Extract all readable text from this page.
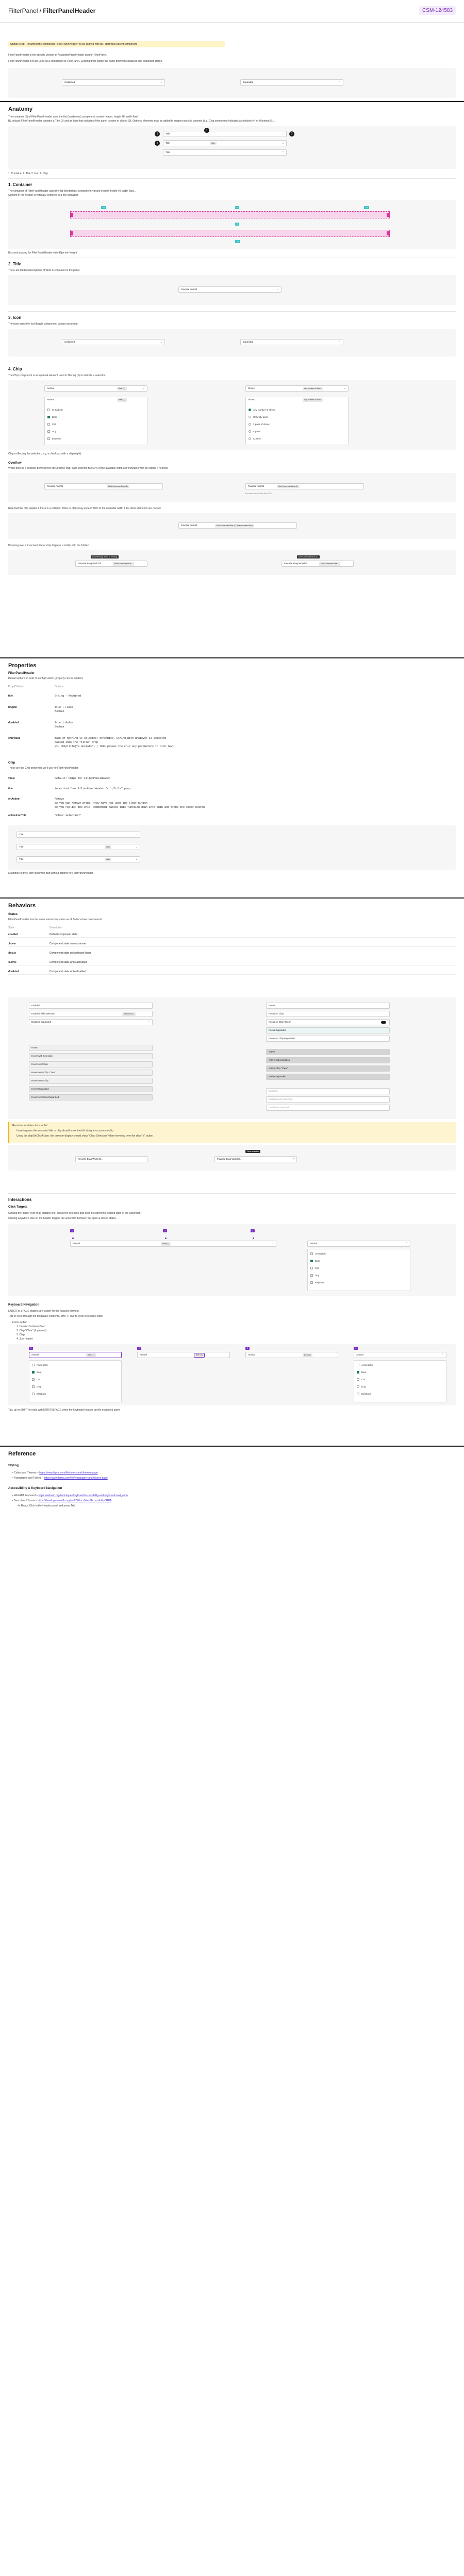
FilterPanel / FilterPanelHeader	CSM-124583
Update 5/28: Renaming the component "FilterPanelHeader" to be aligned with its FilterPanel parent component
FilterPanelHeader is the specific version of AccordionPanelHeader used in FilterPanel.
FilterPanelHeader is to be used as a component of FilterPanel. Clicking it will toggle the panel between collapsed and expanded states.
Collapsed	⌄	Expanded	⌃
Anatomy
The container (1) of FilterPanelHeader uses the flat (borderless) component, variant header, height 48, width fluid.
By default, FilterPanelHeader contains a Title (2) and an Icon that indicates if the panel is open or closed (3). Optional elements may be added to support specific contexts (e.g. Chip component indicates a selection (4) or Warning (5))...
Title	⌄
Title	Chip	⌄
Title	⌃
1
2
3
4
1. Container 2. Title 3. Icon 4. Chip
1. Container
The container of FilterPanelHeader uses the flat (borderless) component, variant header, height 48, width fluid...
Content in the header is vertically centered in a flex container.
16	8	16
8
16
Box and spacing for FilterPanelHeader with 48px min-height
2. Title
There are limited descriptions of what is contained in the panel.
Favorite Animal	⌄
3. Icon
The icons uses the IconToggle component, variant accordion.
Collapsed	⌄	Expanded	⌃
4. Chip
The Chip component is an optional element used in filtering (1) to indicate a selection.
Animal	Bear (1)	⌄	Shoes	Any number of shoes	⌄
Animal	Bear (1)
Is it a bear
Bear
Cat
Dog
Elephant
Shoes	Any number of shoes
Any number of shoes
Only fifty pairs
3 pairs of shoes
5 pairs
Custom
Chips reflecting the selection, e.g. a checkbox with a chip (right)
Overflow
When there is a collision between the title and the chip, each element fills 50% of the available width and truncates with an ellipsis if needed.
Favorite Animal	North American Bear (1)	Favorite Animal	North American Bear (1)
Favorite Animal title fills 50%
Note that the chip applies if there is a collision. Titles or chips may exceed 50% of the available width if the other element's are narrow.
Favorite Animal	North American Bear (1) (long truncated text)
Hovering over a truncated title or chip displays a tooltip with the full text.
Favorite Brag World Sl Shining	North American Bear (1)
Favorite Brag World Sl...	North American Bear...	Favorite Brag World Sl...	North American Bear...
Properties
FilterPanelHeader
Default options in bold. In config/custom, property can be omitted.
Prop/Children	Options
title	String - Required
isOpen	True | False
Boolean
disabled	True | False
Boolean
chipValue	mask of nothing is selected; otherwise, String with whatever is selected
passed into the "title" prop
ex. chipTitle("3 animals") | This passes the chip any parameters to pick Text
Chip
These are the Chip properties we'll use for FilterPanelHeader.
value	Default: Chips for FilterPanelHeader
title	inherited from FilterPanelHeader "chipTitle" prop
onAction	Remove
ex you can remove props, they have not used the clear button
ex you reclick the chip, component passes this function down into chip and drops the clear button
actionIconTitle	"Clear Selection"
Title	⌄
Title	Chip	⌄
Title	Chip	⌄
Examples of the FilterPanel with and without actions for FilterPanelHeader
Behaviors
States
FilterPanelHeader has the same interaction states as all Button-class components:
State	Description
enabled	Default component state
:hover	Component state on mouseover
:focus	Component state on keyboard focus
:active	Component state while activated
disabled	Component state while disabled
Enabled	⌄
Enabled with Selection	Selection (1)
Enabled Expanded	⌃
Hover
Hover with Selection
Hover over Icon
Hover over Chip "Clear"
Hover over Chip
Hover Expanded
Hover over Icon Expanded
Focus
Focus on Chip
Focus on Chip "Clear"
Focus Expanded
Focus on Chip Expanded
Active
Active with Selection
Active Chip "Clear"
Active Expanded
Disabled
Disabled with Selection
Disabled Expanded
Reminder of states from toolkit:
Hovering over the truncated title or chip should show the full string in a custom tooltip
Using the chipOnClickAction, the browser display should show "Clear Selection" when hovering over the clear "x" action.
Favorite Brag World Sl...
Clear selection
Favorite Brag World Sl...	×
Interactions
Click Targets
Clicking the "base" (not of all editable link) clears the selection and does not affect the toggled state of the accordion.
Clicking anywhere else on the header toggles the accordion between the open & closed states.
1	2	3
Animal	Bear (1)	⌄	Animal	⌃
Anim(able)
Bear
Cat
Dog
Elephant
Keyboard Navigation
ENTER or SPACE triggers any action for the focused element.
TAB to cycle through the focusable elements. SHIFT+TAB to cycle in reverse order.
Focus order:
1. Header Container/Icon
2. Chip "Clear" (if present)
3. Chip
4. Just header
1	2	3	4
Animal	Bear (1)	Animal	Bear (1)	Animal	Bear (1)	Animal	⌃
Anim(able)
Bear
Cat
Dog
Elephant
Anim(able)
Bear
Cat
Dog
Elephant
Tab, up or SHIFT to cycle with ENTER/SPACE when the keyboard focus is on the expanded panel
Reference
Styling
• Colors and Themes – https://www.figma.com/file/colors-and-themes-page
• Typography and Tokens – https://www.figma.com/file/typography-and-tokens-page
Accessibility & Keyboard Navigation
• WebAIM Keyboard – https://webaim.org/techniques/keyboard/accessibility-and-keyboard-navigation
• Best object Toasts – https://developer.mozilla.org/en-US/docs/Web/Accessibility/ARIA
◦ In React, Click in the Header panel and press TAB
